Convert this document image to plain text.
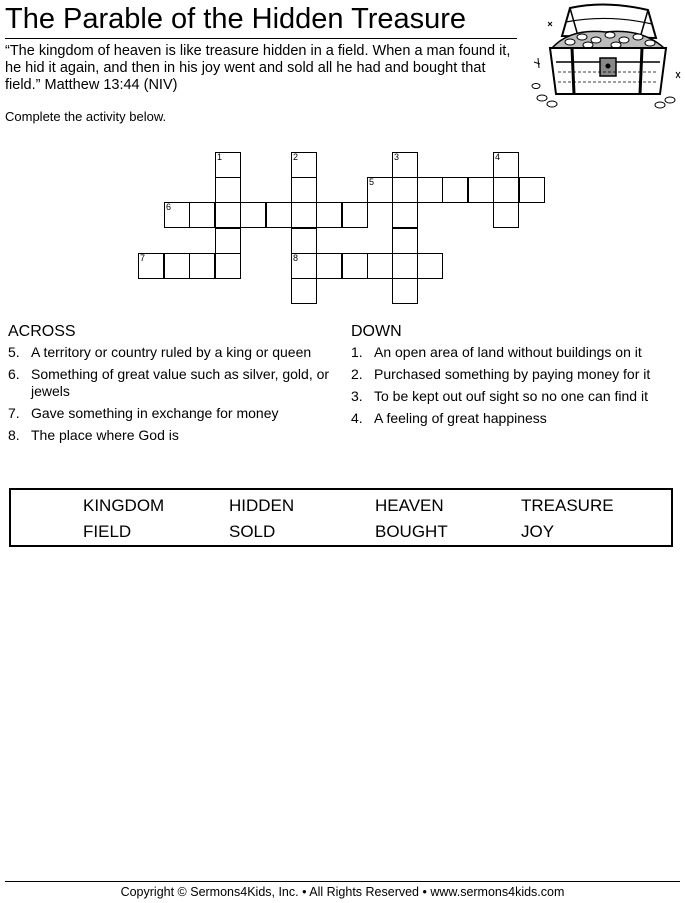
The Parable of the Hidden Treasure
“The kingdom of heaven is like treasure hidden in a field. When a man found it, he hid it again, and then in his joy went and sold all he had and bought that field.” Matthew 13:44 (NIV)
Complete the activity below.
1	2	3	4
5
6
7	8
ACROSS
5. A territory or country ruled by a king or queen
6. Something of great value such as silver, gold, or jewels
7. Gave something in exchange for money
8. The place where God is
DOWN
1. An open area of land without buildings on it
2. Purchased something by paying money for it
3. To be kept out ouf sight so no one can find it
4. A feeling of great happiness
KINGDOM	HIDDEN	HEAVEN	TREASURE
FIELD	SOLD	BOUGHT	JOY
Copyright © Sermons4Kids, Inc. • All Rights Reserved • www.sermons4kids.com
